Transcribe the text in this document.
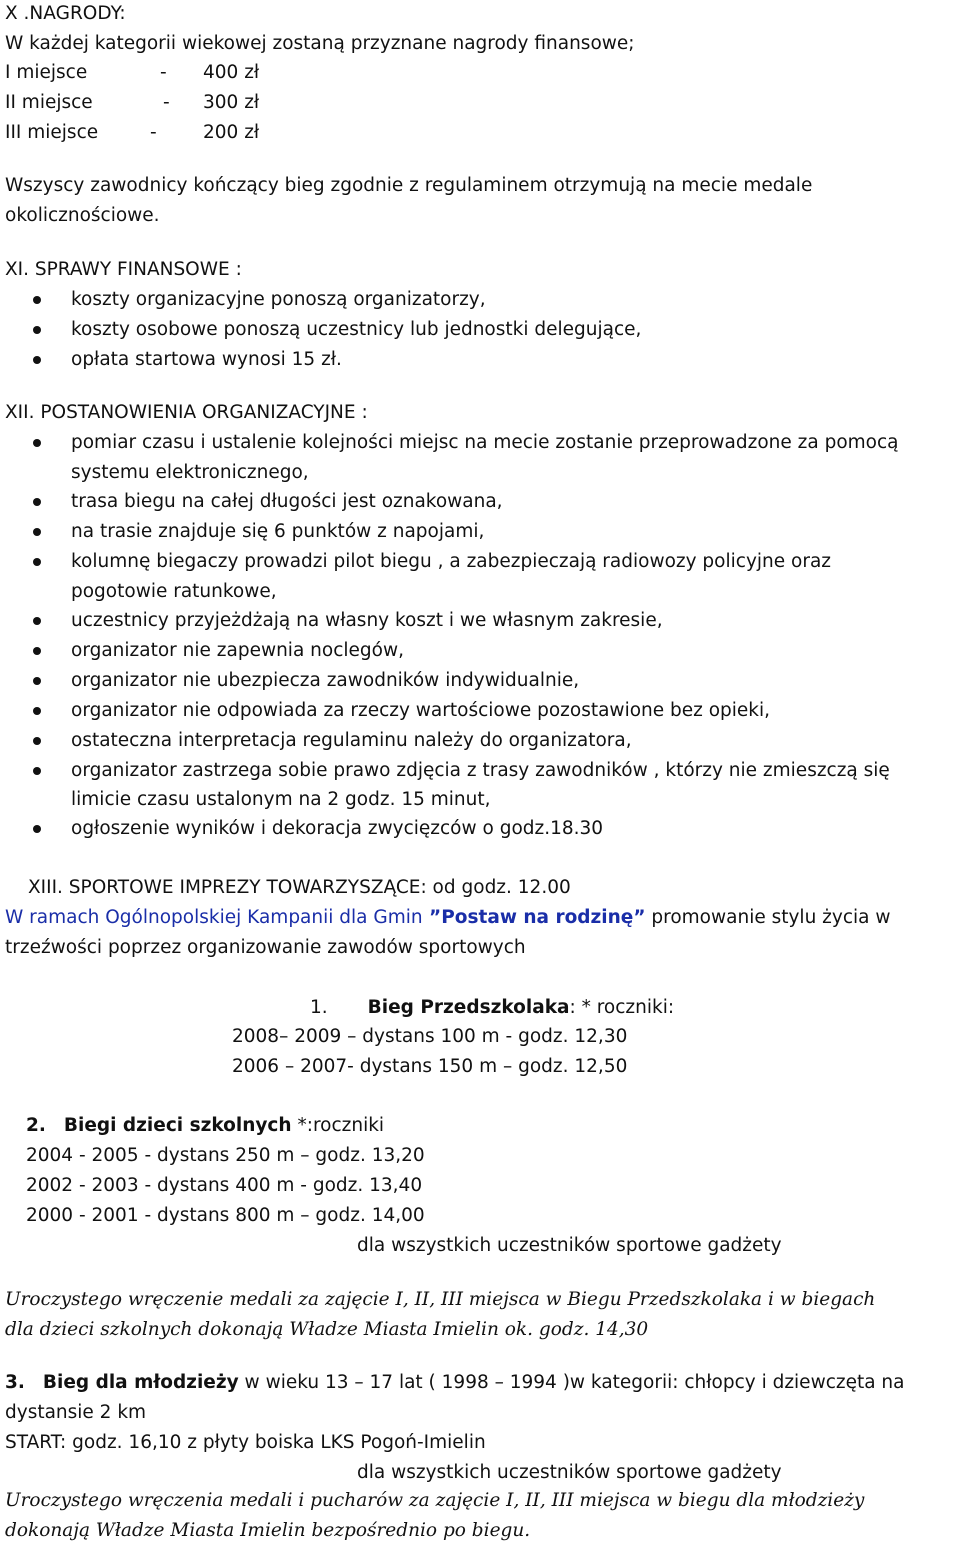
X .NAGRODY:
W każdej kategorii wiekowej zostaną przyznane nagrody finansowe;
I miejsce	- 400 zł
II miejsce	- 300 zł
III miejsce	-	200 zł
Wszyscy zawodnicy kończący bieg zgodnie z regulaminem otrzymują na mecie medale
okolicznościowe.
XI. SPRAWY FINANSOWE :
koszty organizacyjne ponoszą organizatorzy,
koszty osobowe ponoszą uczestnicy lub jednostki delegujące,
opłata startowa wynosi 15 zł.
XII. POSTANOWIENIA ORGANIZACYJNE :
pomiar czasu i ustalenie kolejności miejsc na mecie zostanie przeprowadzone za pomocą
systemu elektronicznego,
trasa biegu na całej długości jest oznakowana,
na trasie znajduje się 6 punktów z napojami,
kolumnę biegaczy prowadzi pilot biegu , a zabezpieczają radiowozy policyjne oraz
pogotowie ratunkowe,
uczestnicy przyjeżdżają na własny koszt i we własnym zakresie,
organizator nie zapewnia noclegów,
organizator nie ubezpiecza zawodników indywidualnie,
organizator nie odpowiada za rzeczy wartościowe pozostawione bez opieki,
ostateczna interpretacja regulaminu należy do organizatora,
organizator zastrzega sobie prawo zdjęcia z trasy zawodników , którzy nie zmieszczą się
limicie czasu ustalonym na 2 godz. 15 minut,
ogłoszenie wyników i dekoracja zwycięzców o godz.18.30
XIII. SPORTOWE IMPREZY TOWARZYSZĄCE: od godz. 12.00
W ramach Ogólnopolskiej Kampanii dla Gmin ”Postaw na rodzinę” promowanie stylu życia w
trzeźwości poprzez organizowanie zawodów sportowych
1. Bieg Przedszkolaka: * roczniki:
2008– 2009 – dystans 100 m - godz. 12,30
2006 – 2007- dystans 150 m – godz. 12,50
2. Biegi dzieci szkolnych *:roczniki
2004 - 2005 - dystans 250 m – godz. 13,20
2002 - 2003 - dystans 400 m - godz. 13,40
2000 - 2001 - dystans 800 m – godz. 14,00
dla wszystkich uczestników sportowe gadżety
Uroczystego wręczenie medali za zajęcie I, II, III miejsca w Biegu Przedszkolaka i w biegach
dla dzieci szkolnych dokonają Władze Miasta Imielin ok. godz. 14,30
3. Bieg dla młodzieży w wieku 13 – 17 lat ( 1998 – 1994 )w kategorii: chłopcy i dziewczęta na
dystansie 2 km
START: godz. 16,10 z płyty boiska LKS Pogoń-Imielin
dla wszystkich uczestników sportowe gadżety
Uroczystego wręczenia medali i pucharów za zajęcie I, II, III miejsca w biegu dla młodzieży
dokonają Władze Miasta Imielin bezpośrednio po biegu.
